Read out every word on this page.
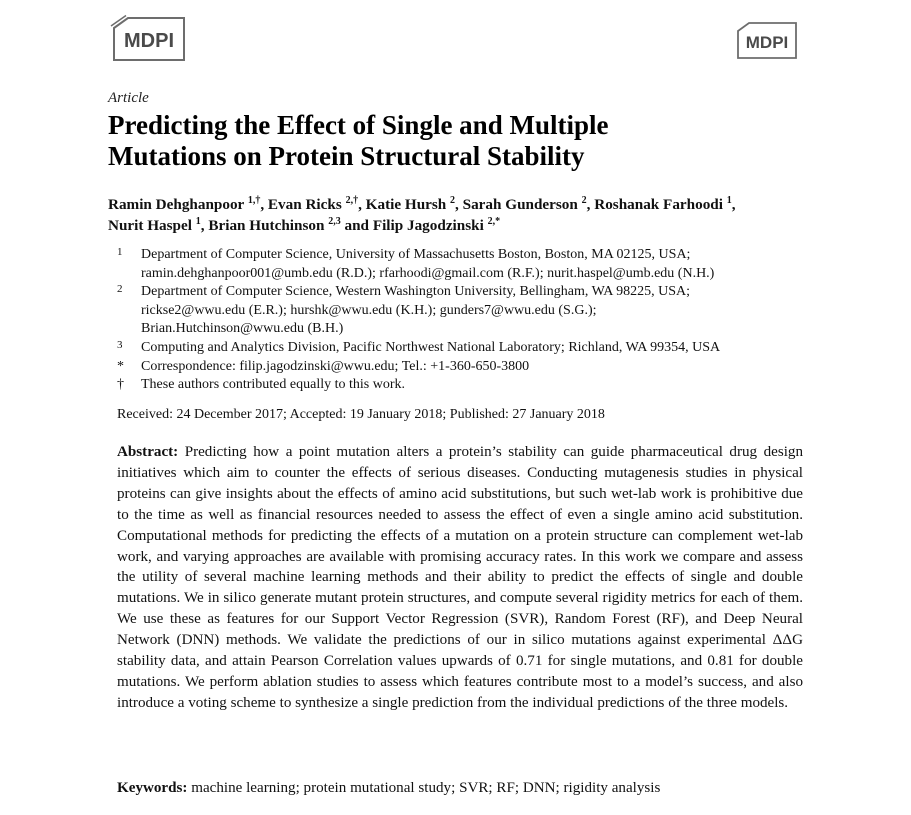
MDPI	MDPI
Article
Predicting the Effect of Single and Multiple
Mutations on Protein Structural Stability

Ramin Dehghanpoor $^{1,\dagger}$, Evan Ricks $^{2,\dagger}$, Katie Hursh $^2$, Sarah Gunderson $^2$, Roshanak Farhoodi $^1$,
Nurit Haspel $^1$, Brian Hutchinson $^{2,3}$ and Filip Jagodzinski $^{2,*}$

1 Department of Computer Science, University of Massachusetts Boston, Boston, MA 02125, USA;
ramin.dehghanpoor001@umb.edu (R.D.); rfarhoodi@gmail.com (R.F.); nurit.haspel@umb.edu (N.H.)
2 Department of Computer Science, Western Washington University, Bellingham, WA 98225, USA;
rickse2@wwu.edu (E.R.); hurshk@wwu.edu (K.H.); gunders7@wwu.edu (S.G.);
Brian.Hutchinson@wwu.edu (B.H.)
3 Computing and Analytics Division, Pacific Northwest National Laboratory; Richland, WA 99354, USA
* Correspondence: filip.jagodzinski@wwu.edu; Tel.: +1-360-650-3800
† These authors contributed equally to this work.
Received: 24 December 2017; Accepted: 19 January 2018; Published: 27 January 2018

Abstract: Predicting how a point mutation alters a protein’s stability can guide pharmaceutical drug design initiatives which aim to counter the effects of serious diseases. Conducting mutagenesis studies in physical proteins can give insights about the effects of amino acid substitutions, but such wet-lab work is prohibitive due to the time as well as financial resources needed to assess the effect of even a single amino acid substitution. Computational methods for predicting the effects of a mutation on a protein structure can complement wet-lab work, and varying approaches are available with promising accuracy rates. In this work we compare and assess the utility of several machine learning methods and their ability to predict the effects of single and double mutations. We in silico generate mutant protein structures, and compute several rigidity metrics for each of them. We use these as features for our Support Vector Regression (SVR), Random Forest (RF), and Deep Neural Network (DNN) methods. We validate the predictions of our in silico mutations against experimental ΔΔG stability data, and attain Pearson Correlation values upwards of 0.71 for single mutations, and 0.81 for double mutations. We perform ablation studies to assess which features contribute most to a model’s success, and also introduce a voting scheme to synthesize a single prediction from the individual predictions of the three models.

Keywords: machine learning; protein mutational study; SVR; RF; DNN; rigidity analysis
